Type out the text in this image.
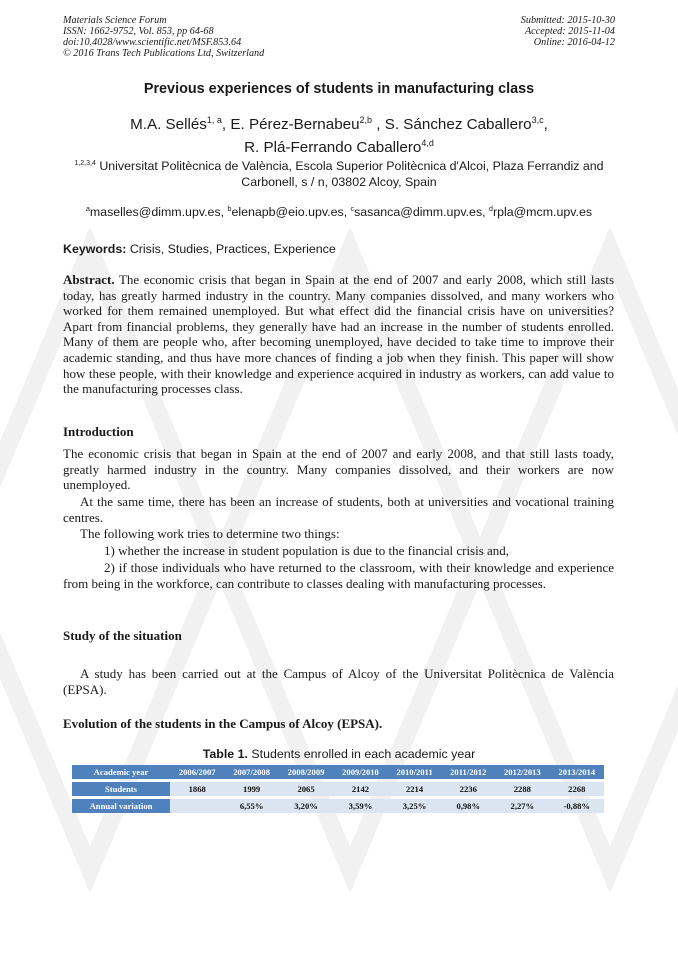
Materials Science Forum
ISSN: 1662-9752, Vol. 853, pp 64-68
doi:10.4028/www.scientific.net/MSF.853.64
© 2016 Trans Tech Publications Ltd, Switzerland
Submitted: 2015-10-30
Accepted: 2015-11-04
Online: 2016-04-12
Previous experiences of students in manufacturing class
M.A. Sellés$^{1, a}$, E. Pérez-Bernabeu$^{2,b}$ , S. Sánchez Caballero$^{3,c}$,
R. Plá-Ferrando Caballero$^{4,d}$
$^{1,2,3,4}$ Universitat Politècnica de València, Escola Superior Politècnica d'Alcoi, Plaza Ferrandiz and Carbonell, s / n, 03802 Alcoy, Spain
$^a$maselles@dimm.upv.es, $^b$elenapb@eio.upv.es, $^c$sasanca@dimm.upv.es, $^d$rpla@mcm.upv.es
Keywords: Crisis, Studies, Practices, Experience

Abstract. The economic crisis that began in Spain at the end of 2007 and early 2008, which still lasts today, has greatly harmed industry in the country. Many companies dissolved, and many workers who worked for them remained unemployed. But what effect did the financial crisis have on universities? Apart from financial problems, they generally have had an increase in the number of students enrolled. Many of them are people who, after becoming unemployed, have decided to take time to improve their academic standing, and thus have more chances of finding a job when they finish. This paper will show how these people, with their knowledge and experience acquired in industry as workers, can add value to the manufacturing processes class.

Introduction

The economic crisis that began in Spain at the end of 2007 and early 2008, and that still lasts toady, greatly harmed industry in the country. Many companies dissolved, and their workers are now unemployed.

At the same time, there has been an increase of students, both at universities and vocational training centres.

The following work tries to determine two things:

1) whether the increase in student population is due to the financial crisis and,

2) if those individuals who have returned to the classroom, with their knowledge and experience from being in the workforce, can contribute to classes dealing with manufacturing processes.

Study of the situation

A study has been carried out at the Campus of Alcoy of the Universitat Politècnica de València (EPSA).

Evolution of the students in the Campus of Alcoy (EPSA).
Table 1. Students enrolled in each academic year
Academic year	2006/2007	2007/2008	2008/2009	2009/2010	2010/2011	2011/2012	2012/2013	2013/2014
Students	1868	1999	2065	2142	2214	2236	2288	2268
Annual variation		6,55%	3,20%	3,59%	3,25%	0,98%	2,27%	-0,88%
